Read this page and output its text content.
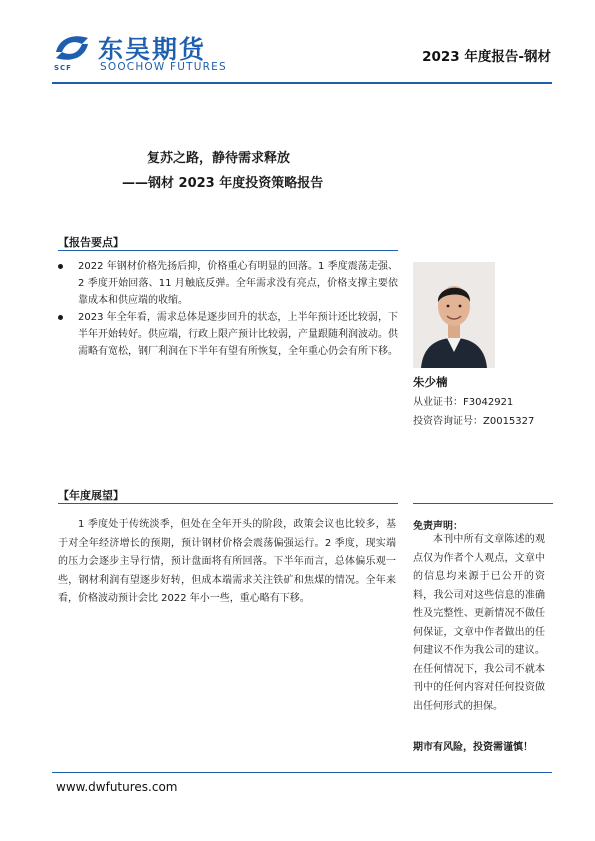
SCF
东吴期货
SOOCHOW FUTURES
2023 年度报告-钢材
复苏之路，静待需求释放
——钢材 2023 年度投资策略报告
【报告要点】
2022 年钢材价格先扬后抑，价格重心有明显的回落。1 季度震荡走强、2 季度开始回落、11 月触底反弹。全年需求没有亮点，价格支撑主要依靠成本和供应端的收缩。
2023 年全年看，需求总体是逐步回升的状态，上半年预计还比较弱，下半年开始转好。供应端，行政上限产预计比较弱，产量跟随利润波动。供需略有宽松，钢厂利润在下半年有望有所恢复，全年重心仍会有所下移。
朱少楠
从业证书：F3042921
投资咨询证号：Z0015327
【年度展望】
1 季度处于传统淡季，但处在全年开头的阶段，政策会议也比较多，基于对全年经济增长的预期，预计钢材价格会震荡偏强运行。2 季度，现实端的压力会逐步主导行情，预计盘面将有所回落。下半年而言，总体偏乐观一些，钢材利润有望逐步好转，但成本端需求关注铁矿和焦煤的情况。全年来看，价格波动预计会比 2022 年小一些，重心略有下移。
免责声明：
本刊中所有文章陈述的观点仅为作者个人观点，文章中的信息均来源于已公开的资料，我公司对这些信息的准确性及完整性、更新情况不做任何保证，文章中作者做出的任何建议不作为我公司的建议。在任何情况下，我公司不就本刊中的任何内容对任何投资做出任何形式的担保。
期市有风险，投资需谨慎！
www.dwfutures.com
